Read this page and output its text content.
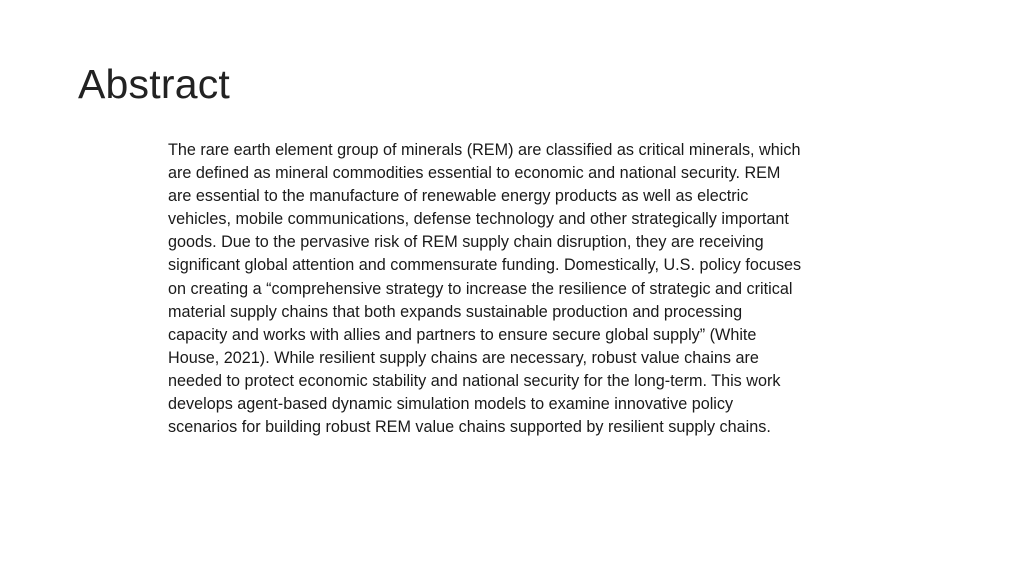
Abstract
The rare earth element group of minerals (REM) are classified as critical minerals, which
are defined as mineral commodities essential to economic and national security. REM
are essential to the manufacture of renewable energy products as well as electric
vehicles, mobile communications, defense technology and other strategically important
goods. Due to the pervasive risk of REM supply chain disruption, they are receiving
significant global attention and commensurate funding. Domestically, U.S. policy focuses
on creating a “comprehensive strategy to increase the resilience of strategic and critical
material supply chains that both expands sustainable production and processing
capacity and works with allies and partners to ensure secure global supply” (White
House, 2021). While resilient supply chains are necessary, robust value chains are
needed to protect economic stability and national security for the long-term. This work
develops agent-based dynamic simulation models to examine innovative policy
scenarios for building robust REM value chains supported by resilient supply chains.
